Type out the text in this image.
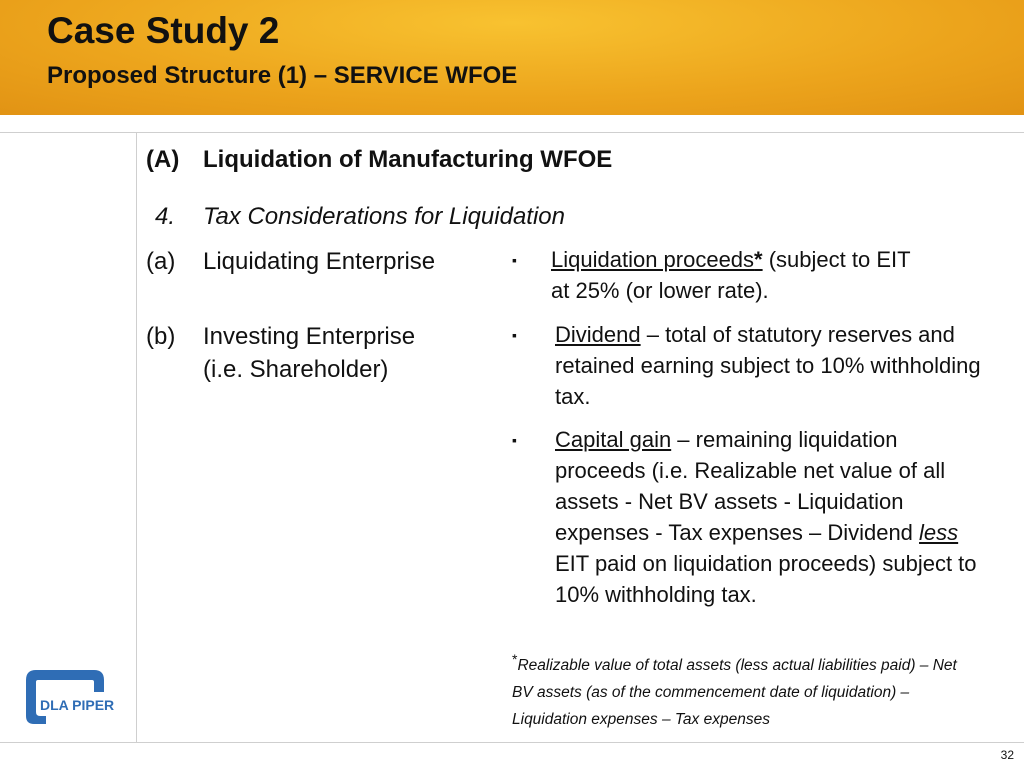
Case Study 2
Proposed Structure (1) – SERVICE WFOE

(A) Liquidation of Manufacturing WFOE

4. Tax Considerations for Liquidation

(a) Liquidating Enterprise	▪ Liquidation proceeds* (subject to EIT
at 25% (or lower rate).

(b) Investing Enterprise
(i.e. Shareholder)
▪ Dividend – total of statutory reserves and retained earning subject to 10% withholding tax.
▪ Capital gain – remaining liquidation proceeds (i.e. Realizable net value of all assets - Net BV assets - Liquidation expenses - Tax expenses – Dividend less EIT paid on liquidation proceeds) subject to 10% withholding tax.
*Realizable value of total assets (less actual liabilities paid) – Net BV assets (as of the commencement date of liquidation) – Liquidation expenses – Tax expenses
DLA PIPER

32
